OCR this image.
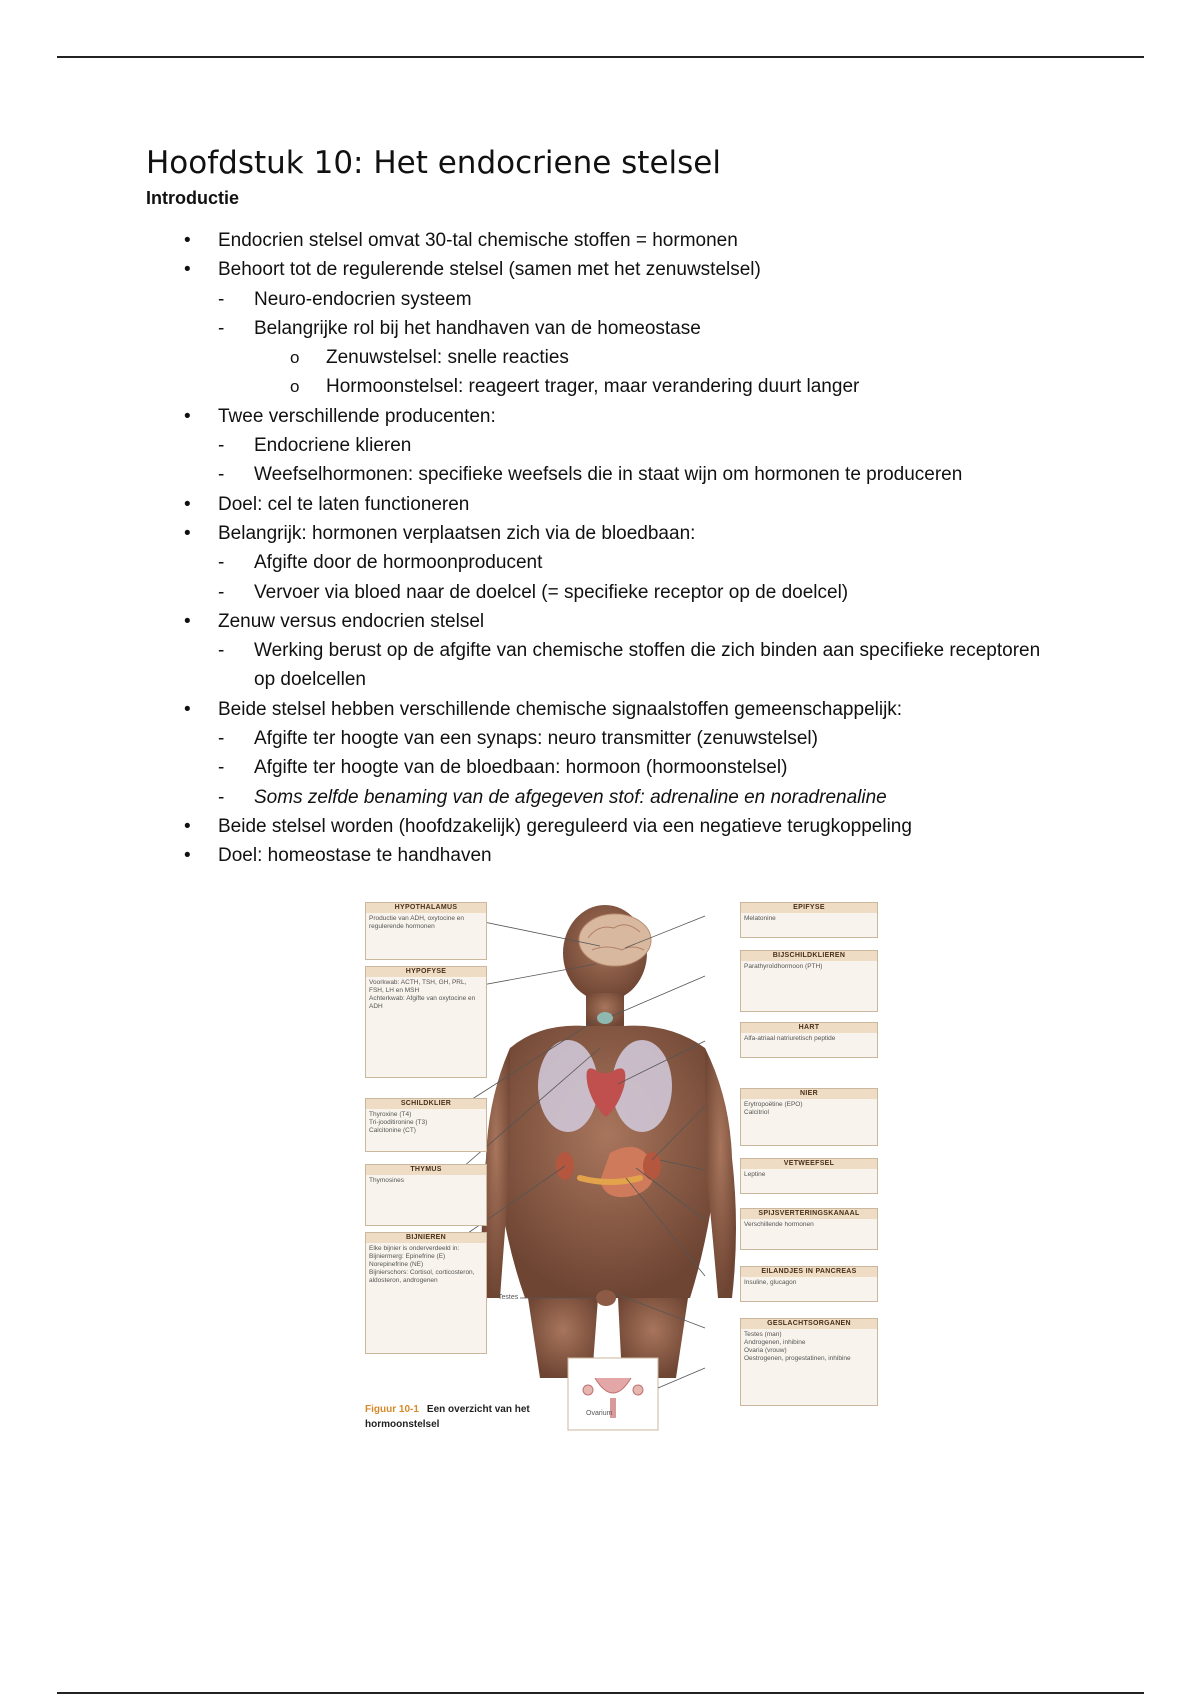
Hoofdstuk 10: Het endocriene stelsel
Introductie
• Endocrien stelsel omvat 30-tal chemische stoffen = hormonen
• Behoort tot de regulerende stelsel (samen met het zenuwstelsel)
- Neuro-endocrien systeem
- Belangrijke rol bij het handhaven van de homeostase
o Zenuwstelsel: snelle reacties
o Hormoonstelsel: reageert trager, maar verandering duurt langer
• Twee verschillende producenten:
- Endocriene klieren
- Weefselhormonen: specifieke weefsels die in staat wijn om hormonen te produceren
• Doel: cel te laten functioneren
• Belangrijk: hormonen verplaatsen zich via de bloedbaan:
- Afgifte door de hormoonproducent
- Vervoer via bloed naar de doelcel (= specifieke receptor op de doelcel)
• Zenuw versus endocrien stelsel
- Werking berust op de afgifte van chemische stoffen die zich binden aan specifieke receptoren op doelcellen
• Beide stelsel hebben verschillende chemische signaalstoffen gemeenschappelijk:
- Afgifte ter hoogte van een synaps: neuro transmitter (zenuwstelsel)
- Afgifte ter hoogte van de bloedbaan: hormoon (hormoonstelsel)
- Soms zelfde benaming van de afgegeven stof: adrenaline en noradrenaline
• Beide stelsel worden (hoofdzakelijk) gereguleerd via een negatieve terugkoppeling
• Doel: homeostase te handhaven
HYPOTHALAMUS
Productie van ADH, oxytocine en regulerende hormonen
HYPOFYSE
Voorkwab: ACTH, TSH, GH, PRL, FSH, LH en MSH
Achterkwab: Afgifte van oxytocine en ADH
SCHILDKLIER
Thyroxine (T4)
Tri-jooditironine (T3)
Calcitonine (CT)
THYMUS
Thymosines
BIJNIEREN
Elke bijnier is onderverdeeld in:
Bijniermerg: Epinefrine (E) Norepinefrine (NE)
Bijnierschors: Cortisol, corticosteron, aldosteron, androgenen
EPIFYSE
Melatonine
BIJSCHILDKLIEREN
Parathyroïdhormoon (PTH)
HART
Alfa-atriaal natriuretisch peptide
NIER
Erytropoëtine (EPO)
Calcitriol
VETWEEFSEL
Leptine
SPIJSVERTERINGSKANAAL
Verschillende hormonen
EILANDJES IN PANCREAS
Insuline, glucagon
GESLACHTSORGANEN
Testes (man)
Androgenen, inhibine
Ovaria (vrouw)
Oestrogenen, progestatinen, inhibine
Testes
Ovarium
Figuur 10-1 Een overzicht van het hormoonstelsel
